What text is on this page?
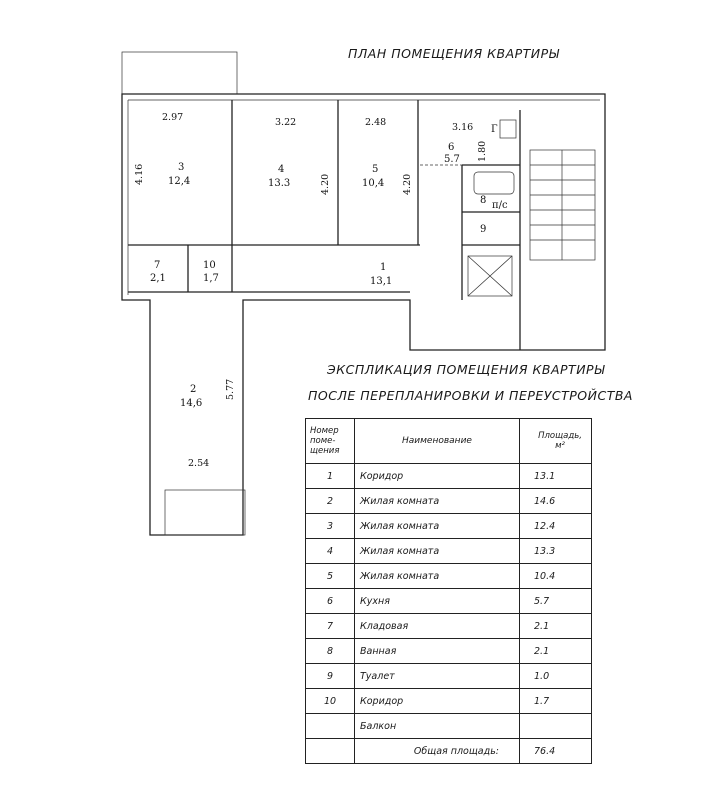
ПЛАН ПОМЕЩЕНИЯ КВАРТИРЫ
2.97
4.16	3
12,4
3.22
4.20
4
13.3
2.48
4.20
5
10,4
3.16
1.80
6
5.7
Г
7
2,1
10
1,7
1
13,1
8 п/с
9
2
14,6
2.54
5.77
ЭКСПЛИКАЦИЯ ПОМЕЩЕНИЯ КВАРТИРЫ
ПОСЛЕ ПЕРЕПЛАНИРОВКИ И ПЕРЕУСТРОЙСТВА
Номер поме- щения	Наименование	Площадь, м²
1	Коридор	13.1
2	Жилая комната	14.6
3	Жилая комната	12.4
4	Жилая комната	13.3
5	Жилая комната	10.4
6	Кухня	5.7
7	Кладовая	2.1
8	Ванная	2.1
9	Туалет	1.0
10	Коридор	1.7
	Балкон	
	Общая площадь:	76.4
